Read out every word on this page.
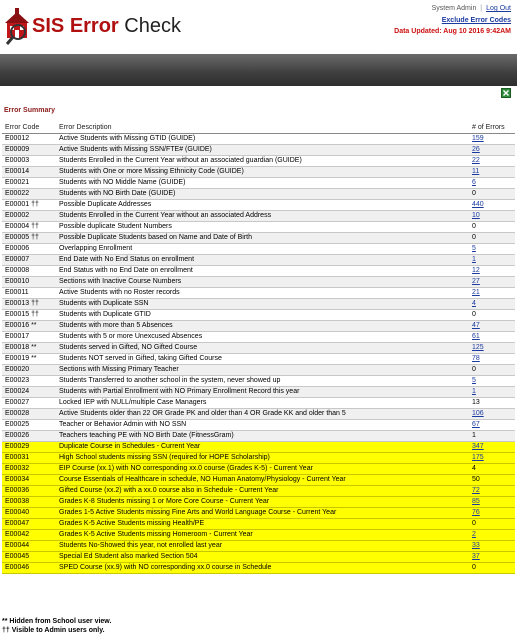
SIS Error Check
System Admin | Log Out
Exclude Error Codes
Data Updated: Aug 10 2016 9:42AM
Error Summary
Error Code	Error Description	# of Errors
E00012	Active Students with Missing GTID (GUIDE)	159
E00009	Active Students with Missing SSN/FTE# (GUIDE)	26
E00003	Students Enrolled in the Current Year without an associated guardian (GUIDE)	22
E00014	Students with One or more Missing Ethnicity Code (GUIDE)	11
E00021	Students with NO Middle Name (GUIDE)	6
E00022	Students with NO Birth Date (GUIDE)	0
E00001 ††	Possible Duplicate Addresses	440
E00002	Students Enrolled in the Current Year without an associated Address	10
E00004 ††	Possible duplicate Student Numbers	0
E00005 ††	Possible Duplicate Students based on Name and Date of Birth	0
E00006	Overlapping Enrollment	5
E00007	End Date with No End Status on enrollment	1
E00008	End Status with no End Date on enrollment	12
E00010	Sections with Inactive Course Numbers	27
E00011	Active Students with no Roster records	21
E00013 ††	Students with Duplicate SSN	4
E00015 ††	Students with Duplicate GTID	0
E00016 **	Students with more than 5 Absences	47
E00017	Students with 5 or more Unexcused Absences	61
E00018 **	Students served in Gifted, NO Gifted Course	125
E00019 **	Students NOT served in Gifted, taking Gifted Course	78
E00020	Sections with Missing Primary Teacher	0
E00023	Students Transferred to another school in the system, never showed up	5
E00024	Students with Partial Enrollment with NO Primary Enrollment Record this year	1
E00027	Locked IEP with NULL/multiple Case Managers	13
E00028	Active Students older than 22 OR Grade PK and older than 4 OR Grade KK and older than 5	106
E00025	Teacher or Behavior Admin with NO SSN	67
E00026	Teachers teaching PE with NO Birth Date (FitnessGram)	1
E00029	Duplicate Course in Schedules - Current Year	347
E00031	High School students missing SSN (required for HOPE Scholarship)	175
E00032	EIP Course (xx.1) with NO corresponding xx.0 course (Grades K-5) - Current Year	4
E00034	Course Essentials of Healthcare in schedule, NO Human Anatomy/Physiology - Current Year	50
E00036	Gifted Course (xx.2) with a xx.0 course also in Schedule - Current Year	72
E00038	Grades K-8 Students missing 1 or More Core Course - Current Year	85
E00040	Grades 1-5 Active Students missing Fine Arts and World Language Course - Current Year	76
E00047	Grades K-5 Active Students missing Health/PE	0
E00042	Grades K-5 Active Students missing Homeroom - Current Year	2
E00044	Students No-Showed this year, not enrolled last year	33
E00045	Special Ed Student also marked Section 504	37
E00046	SPED Course (xx.9) with NO corresponding xx.0 course in Schedule	0
** Hidden from School user view.
†† Visible to Admin users only.
